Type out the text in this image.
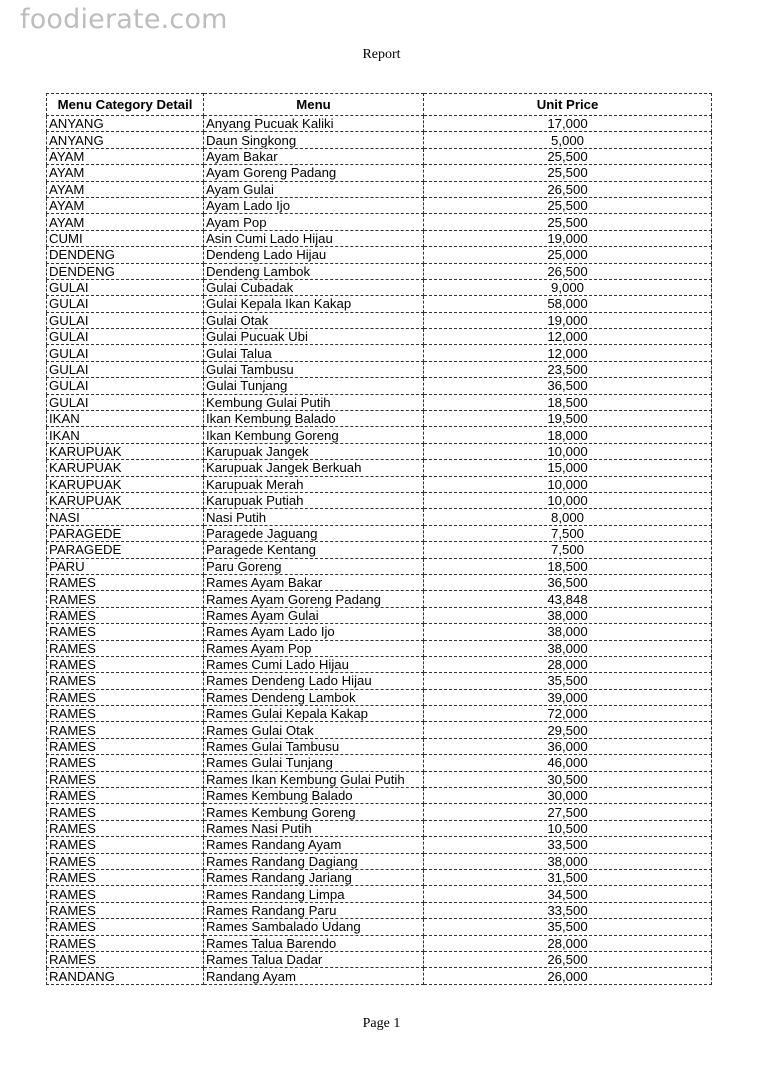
foodierate.com
Report
Menu Category Detail	Menu	Unit Price
ANYANG	Anyang Pucuak Kaliki	17,000
ANYANG	Daun Singkong	5,000
AYAM	Ayam Bakar	25,500
AYAM	Ayam Goreng Padang	25,500
AYAM	Ayam Gulai	26,500
AYAM	Ayam Lado Ijo	25,500
AYAM	Ayam Pop	25,500
CUMI	Asin Cumi Lado Hijau	19,000
DENDENG	Dendeng Lado Hijau	25,000
DENDENG	Dendeng Lambok	26,500
GULAI	Gulai Cubadak	9,000
GULAI	Gulai Kepala Ikan Kakap	58,000
GULAI	Gulai Otak	19,000
GULAI	Gulai Pucuak Ubi	12,000
GULAI	Gulai Talua	12,000
GULAI	Gulai Tambusu	23,500
GULAI	Gulai Tunjang	36,500
GULAI	Kembung Gulai Putih	18,500
IKAN	Ikan Kembung Balado	19,500
IKAN	Ikan Kembung Goreng	18,000
KARUPUAK	Karupuak Jangek	10,000
KARUPUAK	Karupuak Jangek Berkuah	15,000
KARUPUAK	Karupuak Merah	10,000
KARUPUAK	Karupuak Putiah	10,000
NASI	Nasi Putih	8,000
PARAGEDE	Paragede Jaguang	7,500
PARAGEDE	Paragede Kentang	7,500
PARU	Paru Goreng	18,500
RAMES	Rames Ayam Bakar	36,500
RAMES	Rames Ayam Goreng Padang	43,848
RAMES	Rames Ayam Gulai	38,000
RAMES	Rames Ayam Lado Ijo	38,000
RAMES	Rames Ayam Pop	38,000
RAMES	Rames Cumi Lado Hijau	28,000
RAMES	Rames Dendeng Lado Hijau	35,500
RAMES	Rames Dendeng Lambok	39,000
RAMES	Rames Gulai Kepala Kakap	72,000
RAMES	Rames Gulai Otak	29,500
RAMES	Rames Gulai Tambusu	36,000
RAMES	Rames Gulai Tunjang	46,000
RAMES	Rames Ikan Kembung Gulai Putih	30,500
RAMES	Rames Kembung Balado	30,000
RAMES	Rames Kembung Goreng	27,500
RAMES	Rames Nasi Putih	10,500
RAMES	Rames Randang Ayam	33,500
RAMES	Rames Randang Dagiang	38,000
RAMES	Rames Randang Jariang	31,500
RAMES	Rames Randang Limpa	34,500
RAMES	Rames Randang Paru	33,500
RAMES	Rames Sambalado Udang	35,500
RAMES	Rames Talua Barendo	28,000
RAMES	Rames Talua Dadar	26,500
RANDANG	Randang Ayam	26,000
Page 1
